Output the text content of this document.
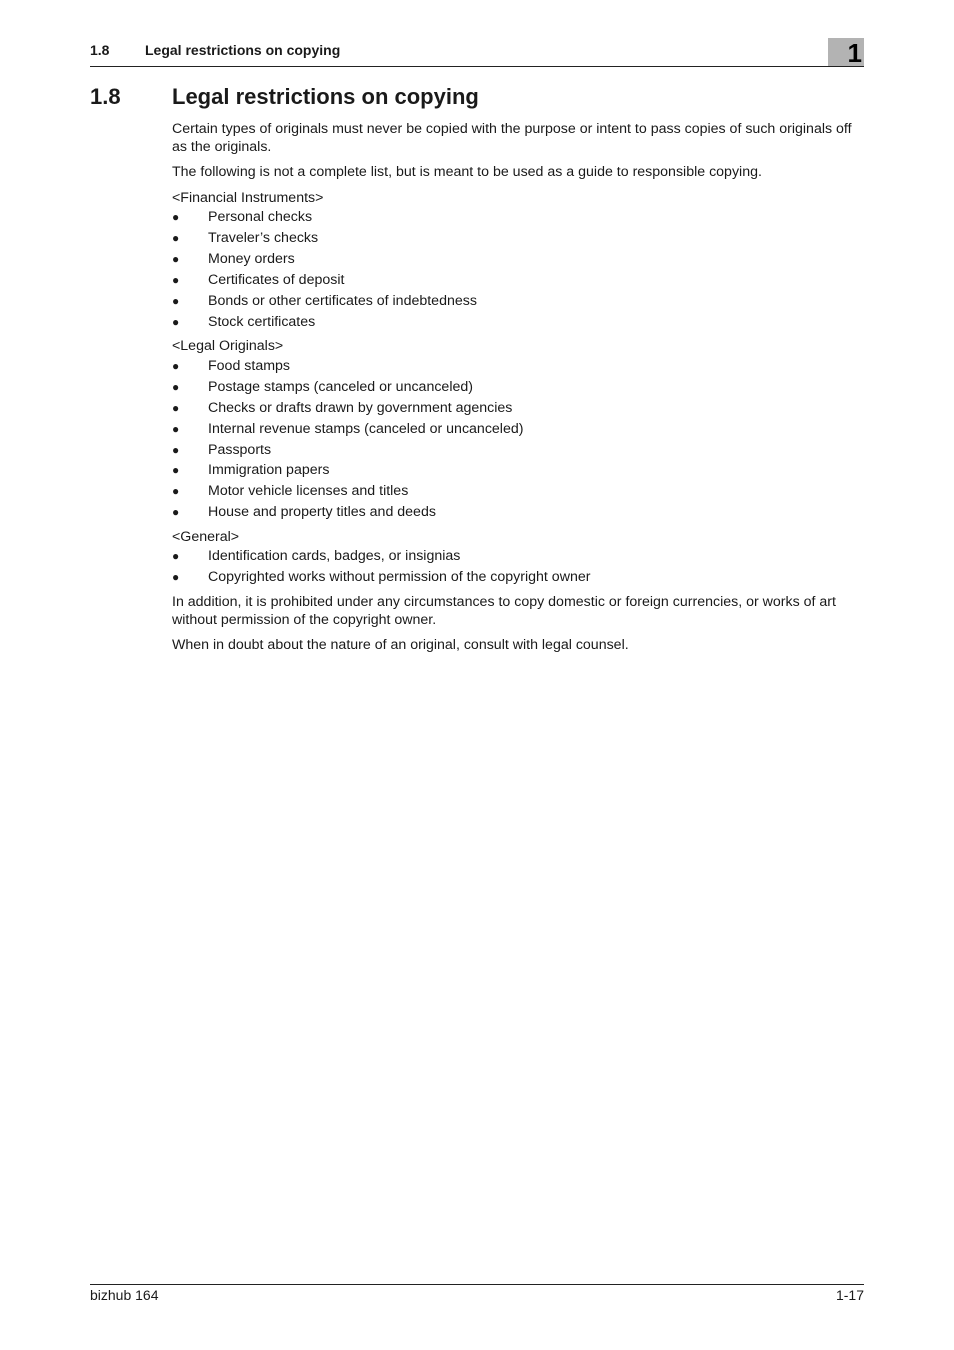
1.8	Legal restrictions on copying	1
1.8 Legal restrictions on copying

Certain types of originals must never be copied with the purpose or intent to pass copies of such originals off as the originals.

The following is not a complete list, but is meant to be used as a guide to responsible copying.

<Financial Instruments>

● Personal checks
● Traveler’s checks
● Money orders
● Certificates of deposit
● Bonds or other certificates of indebtedness
● Stock certificates

<Legal Originals>

● Food stamps
● Postage stamps (canceled or uncanceled)
● Checks or drafts drawn by government agencies
● Internal revenue stamps (canceled or uncanceled)
● Passports
● Immigration papers
● Motor vehicle licenses and titles
● House and property titles and deeds

<General>

● Identification cards, badges, or insignias
● Copyrighted works without permission of the copyright owner

In addition, it is prohibited under any circumstances to copy domestic or foreign currencies, or works of art without permission of the copyright owner.

When in doubt about the nature of an original, consult with legal counsel.

bizhub 164	1-17
